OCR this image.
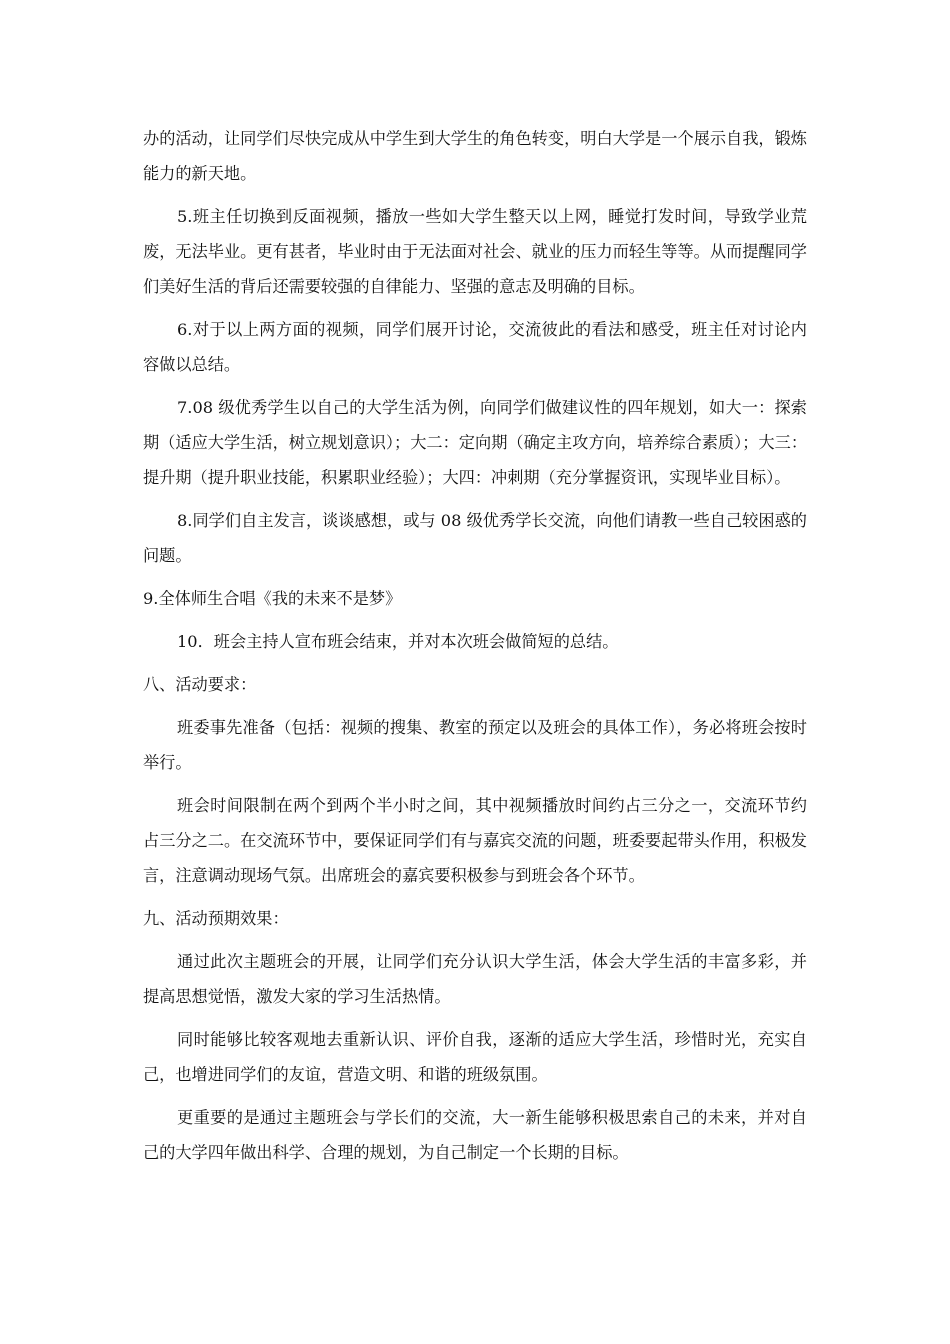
办的活动，让同学们尽快完成从中学生到大学生的角色转变，明白大学是一个展示自我，锻炼能力的新天地。

5.班主任切换到反面视频，播放一些如大学生整天以上网，睡觉打发时间，导致学业荒废，无法毕业。更有甚者，毕业时由于无法面对社会、就业的压力而轻生等等。从而提醒同学们美好生活的背后还需要较强的自律能力、坚强的意志及明确的目标。

6.对于以上两方面的视频，同学们展开讨论，交流彼此的看法和感受，班主任对讨论内容做以总结。

7.08 级优秀学生以自己的大学生活为例，向同学们做建议性的四年规划，如大一：探索期（适应大学生活，树立规划意识）；大二：定向期（确定主攻方向，培养综合素质）；大三：提升期（提升职业技能，积累职业经验）；大四：冲刺期（充分掌握资讯，实现毕业目标）。

8.同学们自主发言，谈谈感想，或与 08 级优秀学长交流，向他们请教一些自己较困惑的问题。

9.全体师生合唱《我的未来不是梦》

10．班会主持人宣布班会结束，并对本次班会做简短的总结。

八、活动要求：

班委事先准备（包括：视频的搜集、教室的预定以及班会的具体工作），务必将班会按时举行。

班会时间限制在两个到两个半小时之间，其中视频播放时间约占三分之一，交流环节约占三分之二。在交流环节中，要保证同学们有与嘉宾交流的问题，班委要起带头作用，积极发言，注意调动现场气氛。出席班会的嘉宾要积极参与到班会各个环节。

九、活动预期效果：

通过此次主题班会的开展，让同学们充分认识大学生活，体会大学生活的丰富多彩，并提高思想觉悟，激发大家的学习生活热情。

同时能够比较客观地去重新认识、评价自我，逐渐的适应大学生活，珍惜时光，充实自己，也增进同学们的友谊，营造文明、和谐的班级氛围。

更重要的是通过主题班会与学长们的交流，大一新生能够积极思索自己的未来，并对自己的大学四年做出科学、合理的规划，为自己制定一个长期的目标。
